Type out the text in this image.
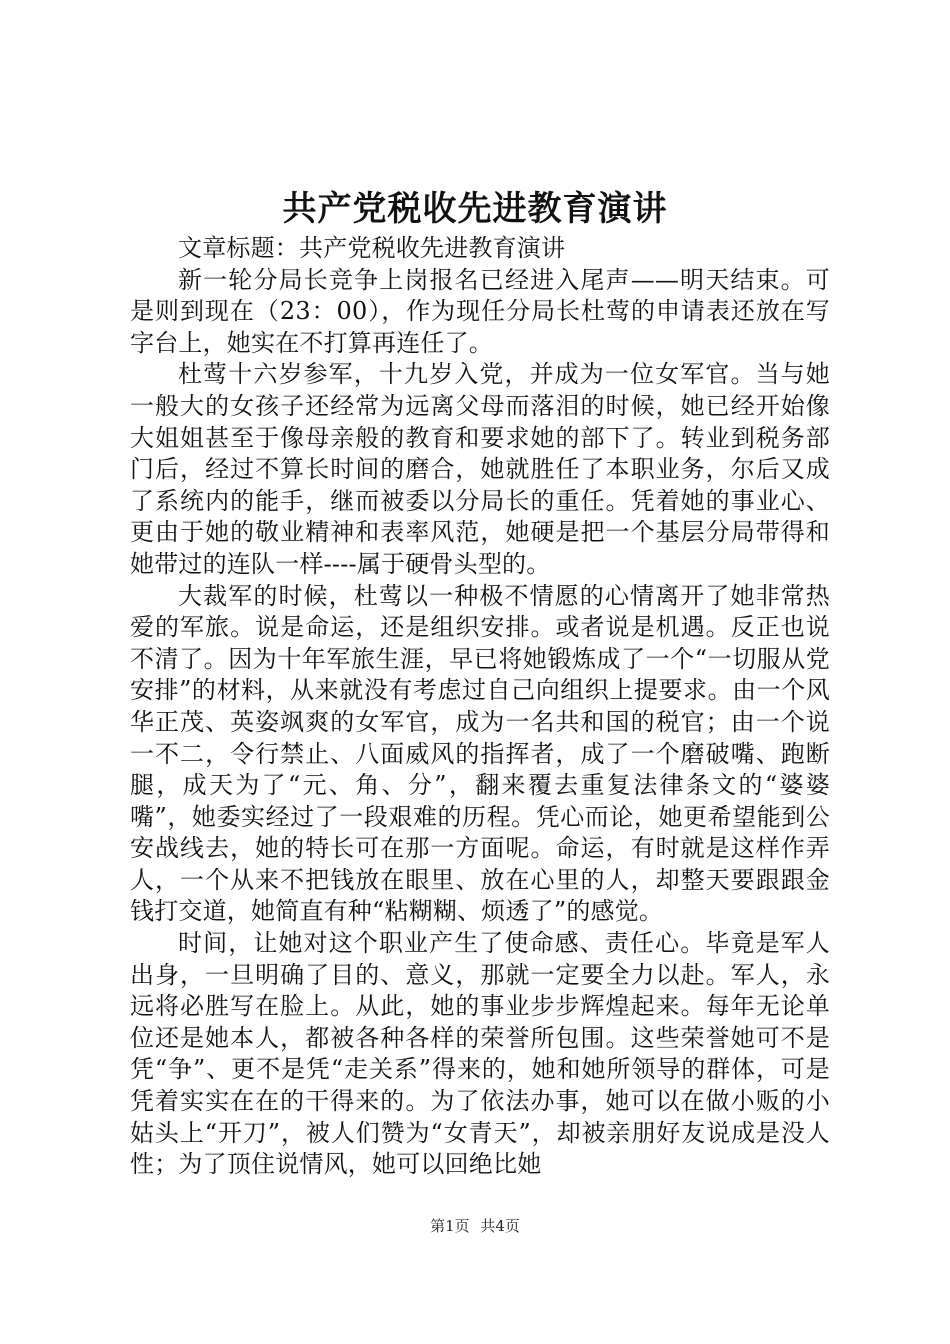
共产党税收先进教育演讲

文章标题：共产党税收先进教育演讲

新一轮分局长竞争上岗报名已经进入尾声——明天结束。可是则到现在（23：00），作为现任分局长杜莺的申请表还放在写字台上，她实在不打算再连任了。

杜莺十六岁参军，十九岁入党，并成为一位女军官。当与她一般大的女孩子还经常为远离父母而落泪的时候，她已经开始像大姐姐甚至于像母亲般的教育和要求她的部下了。转业到税务部门后，经过不算长时间的磨合，她就胜任了本职业务，尔后又成了系统内的能手，继而被委以分局长的重任。凭着她的事业心、更由于她的敬业精神和表率风范，她硬是把一个基层分局带得和她带过的连队一样----属于硬骨头型的。

大裁军的时候，杜莺以一种极不情愿的心情离开了她非常热爱的军旅。说是命运，还是组织安排。或者说是机遇。反正也说不清了。因为十年军旅生涯，早已将她锻炼成了一个“一切服从党安排”的材料，从来就没有考虑过自己向组织上提要求。由一个风华正茂、英姿飒爽的女军官，成为一名共和国的税官；由一个说一不二，令行禁止、八面威风的指挥者，成了一个磨破嘴、跑断腿，成天为了“元、角、分”，翻来覆去重复法律条文的“婆婆嘴”，她委实经过了一段艰难的历程。凭心而论，她更希望能到公安战线去，她的特长可在那一方面呢。命运，有时就是这样作弄人，一个从来不把钱放在眼里、放在心里的人，却整天要跟跟金钱打交道，她简直有种“粘糊糊、烦透了”的感觉。

时间，让她对这个职业产生了使命感、责任心。毕竟是军人出身，一旦明确了目的、意义，那就一定要全力以赴。军人，永远将必胜写在脸上。从此，她的事业步步辉煌起来。每年无论单位还是她本人，都被各种各样的荣誉所包围。这些荣誉她可不是凭“争”、更不是凭“走关系”得来的，她和她所领导的群体，可是凭着实实在在的干得来的。为了依法办事，她可以在做小贩的小姑头上“开刀”，被人们赞为“女青天”，却被亲朋好友说成是没人性；为了顶住说情风，她可以回绝比她

第1页 共4页
